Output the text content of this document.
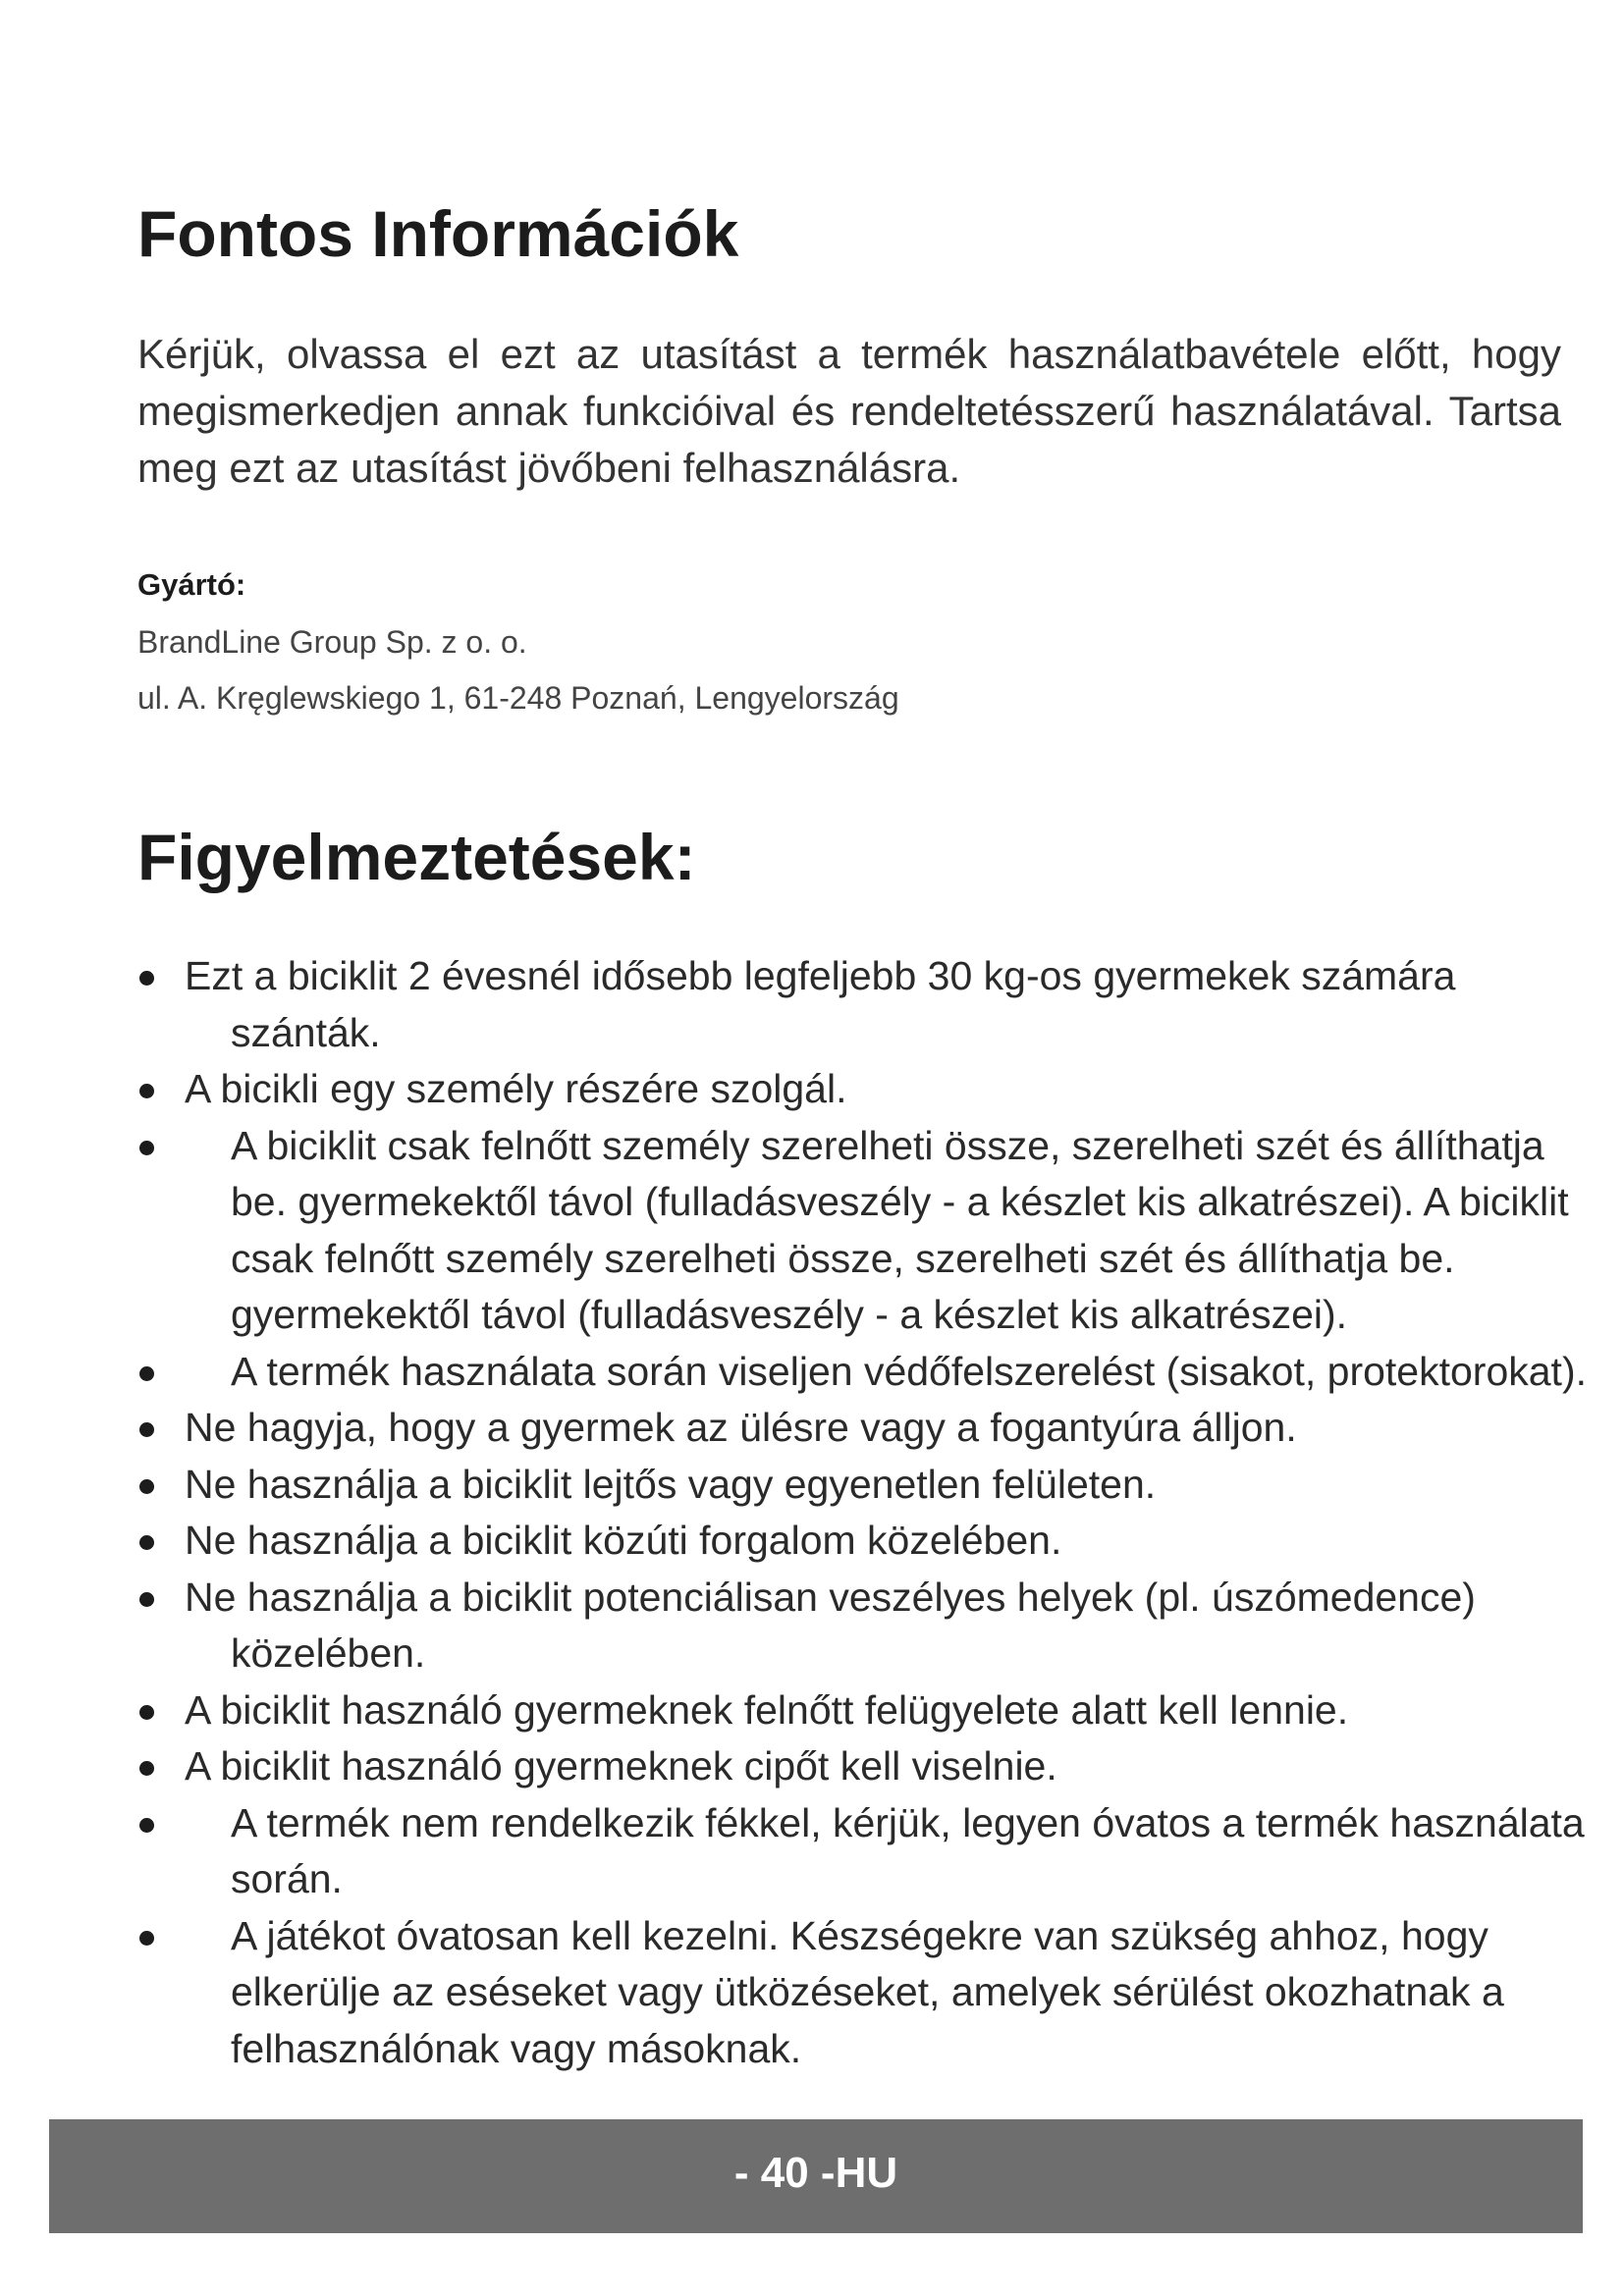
Fontos Információk

Kérjük, olvassa el ezt az utasítást a termék használatbavétele előtt, hogy megismerkedjen annak funkcióival és rendeltetésszerű használatával. Tartsa meg ezt az utasítást jövőbeni felhasználásra.

Gyártó:

BrandLine Group Sp. z o. o.

ul. A. Kręglewskiego 1, 61-248 Poznań, Lengyelország

Figyelmeztetések:
Ezt a biciklit 2 évesnél idősebb legfeljebb 30 kg-os gyermekek számára szánták.
A bicikli egy személy részére szolgál.
A biciklit csak felnőtt személy szerelheti össze, szerelheti szét és állíthatja be. gyermekektől távol (fulladásveszély - a készlet kis alkatrészei). A biciklit csak felnőtt személy szerelheti össze, szerelheti szét és állíthatja be. gyermekektől távol (fulladásveszély - a készlet kis alkatrészei).
A termék használata során viseljen védőfelszerelést (sisakot, protektorokat).
Ne hagyja, hogy a gyermek az ülésre vagy a fogantyúra álljon.
Ne használja a biciklit lejtős vagy egyenetlen felületen.
Ne használja a biciklit közúti forgalom közelében.
Ne használja a biciklit potenciálisan veszélyes helyek (pl. úszómedence) közelében.
A biciklit használó gyermeknek felnőtt felügyelete alatt kell lennie.
A biciklit használó gyermeknek cipőt kell viselnie.
A termék nem rendelkezik fékkel, kérjük, legyen óvatos a termék használata során.
A játékot óvatosan kell kezelni. Készségekre van szükség ahhoz, hogy elkerülje az eséseket vagy ütközéseket, amelyek sérülést okozhatnak a felhasználónak vagy másoknak.

- 40 -HU
